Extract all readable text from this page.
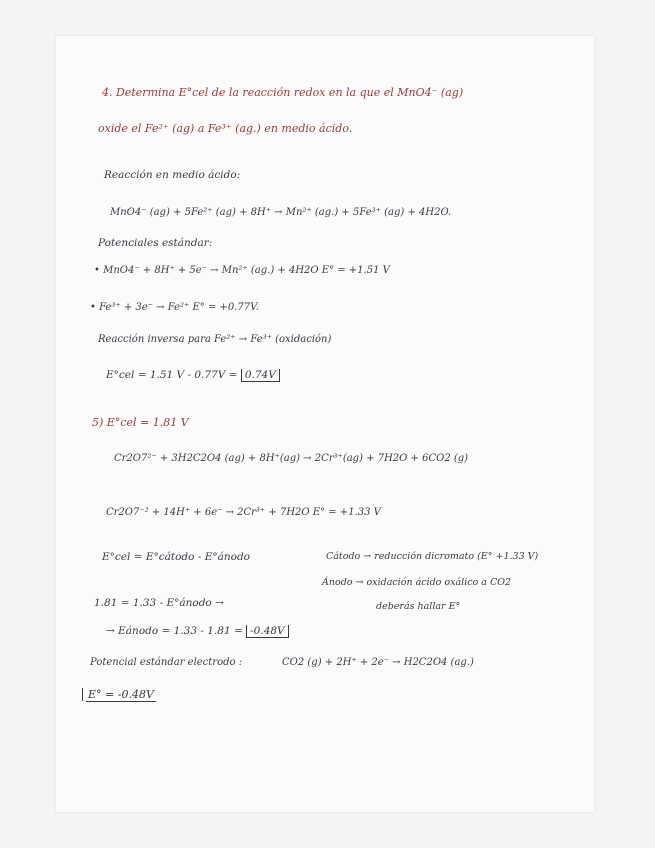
4. Determina E°cel de la reacción redox en la que el MnO4⁻ (ag)
oxide el Fe²⁺ (ag) a Fe³⁺ (ag.) en medio ácido.
Reacción en medio ácido:
MnO4⁻ (ag) + 5Fe²⁺ (ag) + 8H⁺ → Mn²⁺ (ag.) + 5Fe³⁺ (ag) + 4H2O.
Potenciales estándar:
• MnO4⁻ + 8H⁺ + 5e⁻ → Mn²⁺ (ag.) + 4H2O E° = +1.51 V
• Fe³⁺ + 3e⁻ → Fe²⁺ E° = +0.77V.
Reacción inversa para Fe²⁺ → Fe³⁺ (oxidación)
E°cel = 1.51 V - 0.77V = 0.74V
5) E°cel = 1.81 V
Cr2O7²⁻ + 3H2C2O4 (ag) + 8H⁺(ag) → 2Cr³⁺(ag) + 7H2O + 6CO2 (g)
Cr2O7⁻² + 14H⁺ + 6e⁻ → 2Cr³⁺ + 7H2O E° = +1.33 V
E°cel = E°cátodo - E°ánodo	Cátodo → reducción dicromato (E° +1.33 V)
Ánodo → oxidación ácido oxálico a CO2
deberás hallar E°
1.81 = 1.33 - E°ánodo →
→ Eánodo = 1.33 - 1.81 = -0.48V
Potencial estándar electrodo :	CO2 (g) + 2H⁺ + 2e⁻ → H2C2O4 (ag.)
E° = -0.48V
